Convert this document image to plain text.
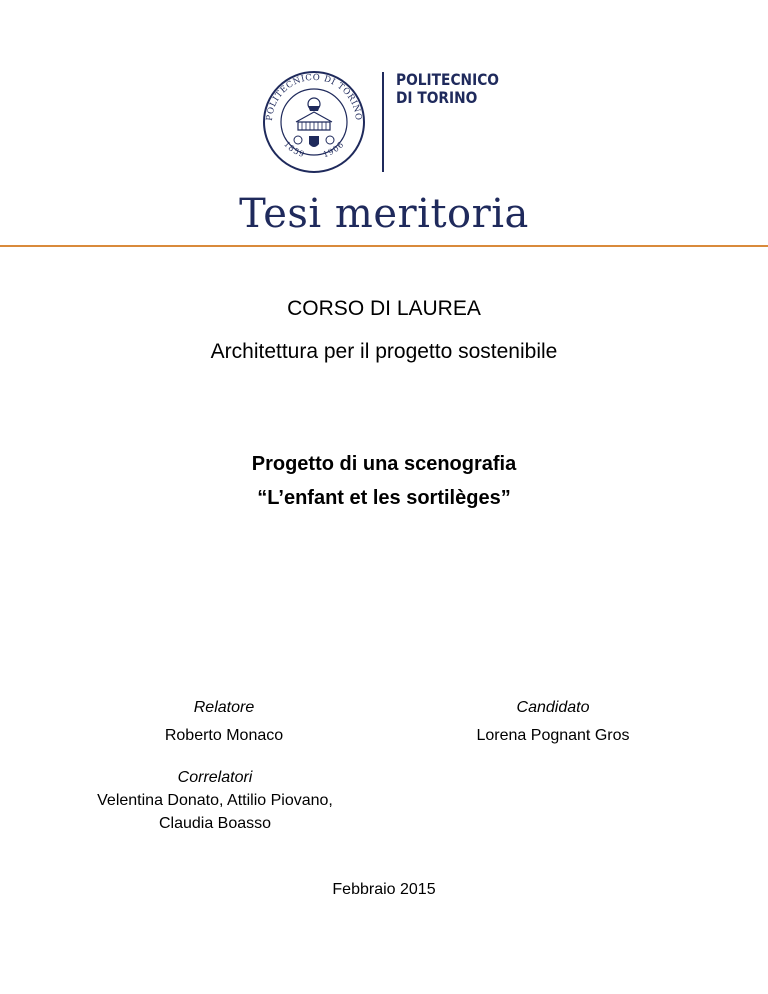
POLITECNICO DI TORINO
1859 1906
POLITECNICO
DI TORINO
Tesi meritoria
CORSO DI LAUREA
Architettura per il progetto sostenibile
Progetto di una scenografia
“L’enfant et les sortilèges”
Relatore
Roberto Monaco
Candidato
Lorena Pognant Gros
Correlatori
Velentina Donato, Attilio Piovano,
Claudia Boasso
Febbraio 2015
